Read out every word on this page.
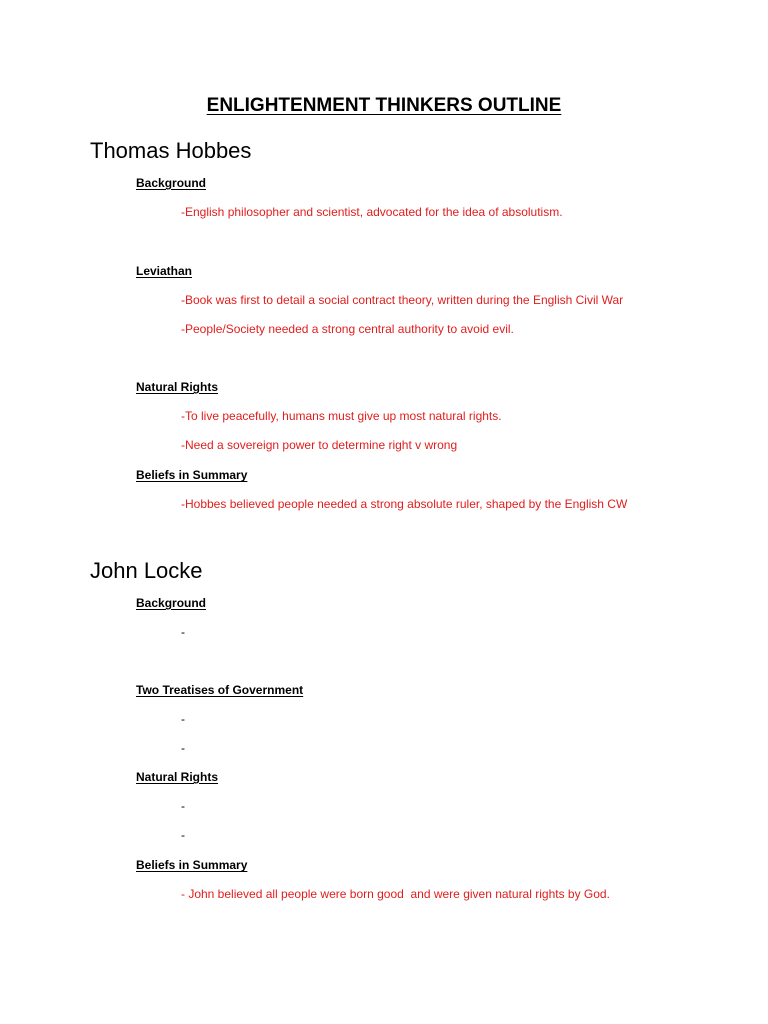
ENLIGHTENMENT THINKERS OUTLINE
Thomas Hobbes
Background
-English philosopher and scientist, advocated for the idea of absolutism.
Leviathan
-Book was first to detail a social contract theory, written during the English Civil War
-People/Society needed a strong central authority to avoid evil.
Natural Rights
-To live peacefully, humans must give up most natural rights.
-Need a sovereign power to determine right v wrong
Beliefs in Summary
-Hobbes believed people needed a strong absolute ruler, shaped by the English CW
John Locke
Background
-
Two Treatises of Government
-
-
Natural Rights
-
-
Beliefs in Summary
- John believed all people were born good  and were given natural rights by God.
